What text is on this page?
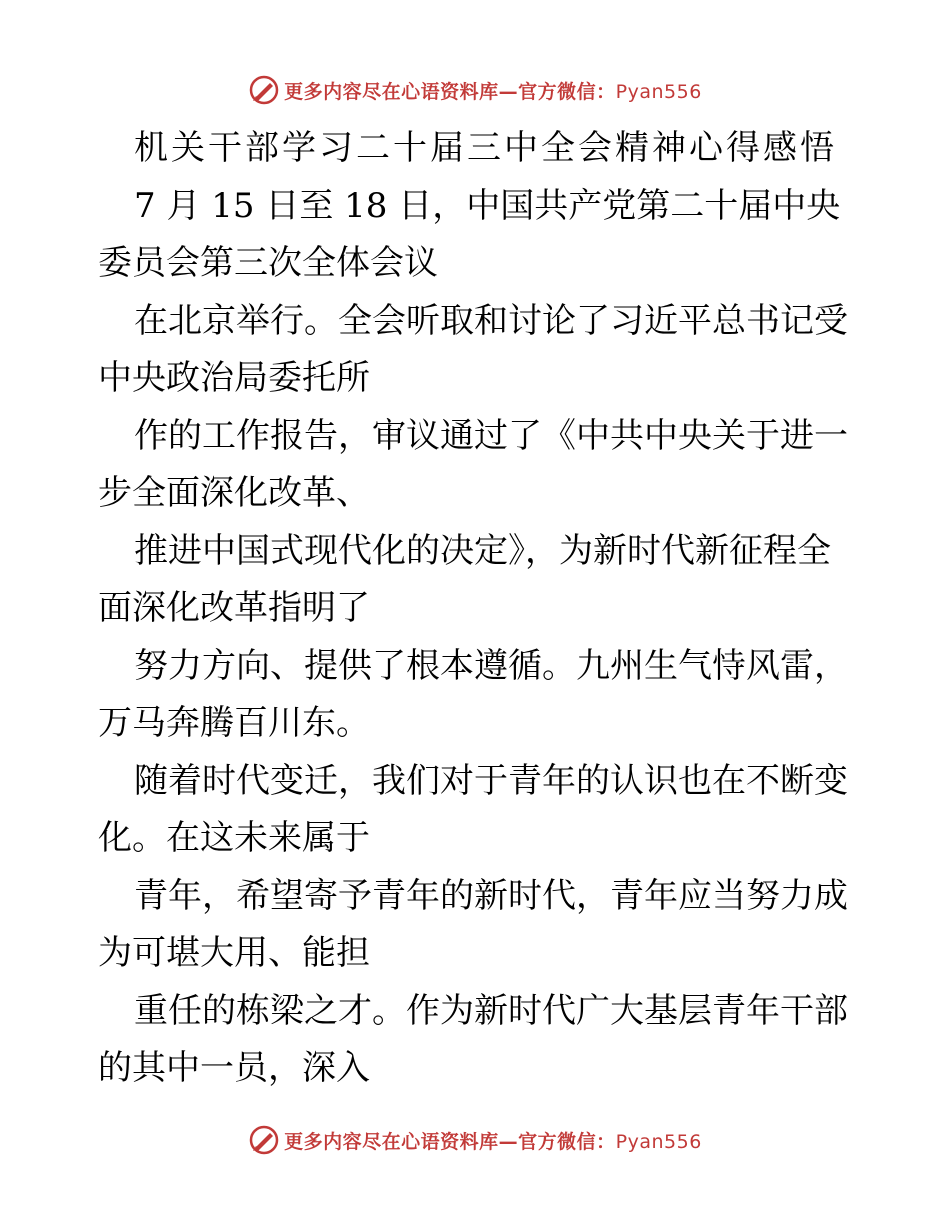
更多内容尽在心语资料库—官方微信：Pyan556
机关干部学习二十届三中全会精神心得感悟
7 月 15 日至 18 日，中国共产党第二十届中央
委员会第三次全体会议
在北京举行。全会听取和讨论了习近平总书记受
中央政治局委托所
作的工作报告，审议通过了《中共中央关于进一
步全面深化改革、
推进中国式现代化的决定》，为新时代新征程全
面深化改革指明了
努力方向、提供了根本遵循。九州生气恃风雷，
万马奔腾百川东。
随着时代变迁，我们对于青年的认识也在不断变
化。在这未来属于
青年，希望寄予青年的新时代，青年应当努力成
为可堪大用、能担
重任的栋梁之才。作为新时代广大基层青年干部
的其中一员，深入
更多内容尽在心语资料库—官方微信：Pyan556
